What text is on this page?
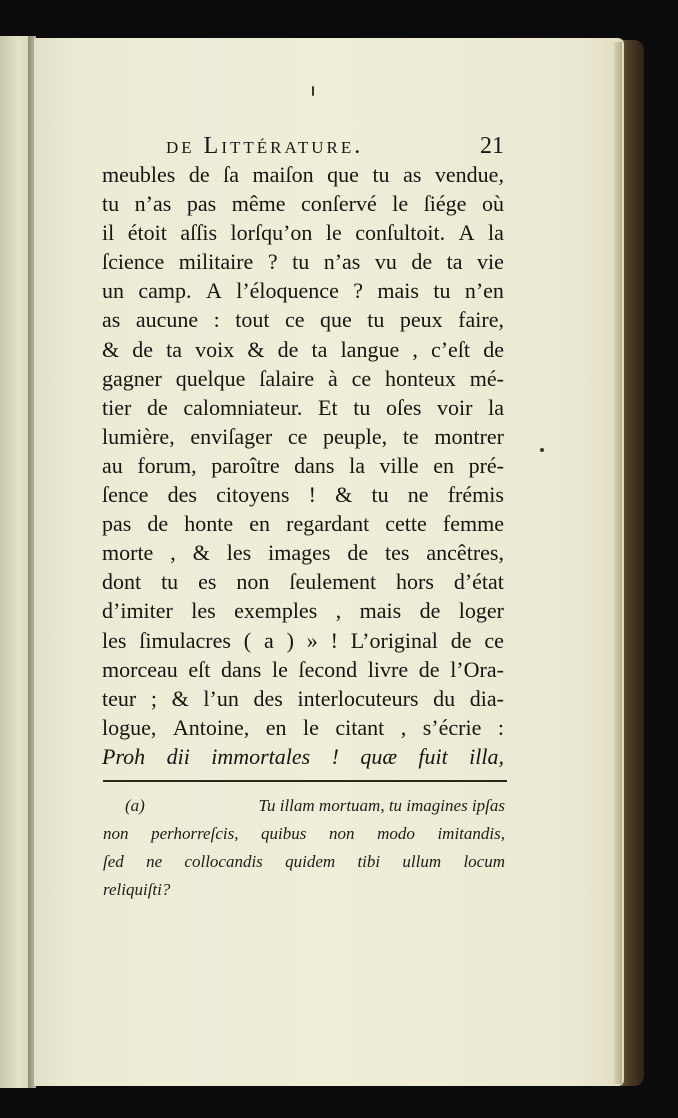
de Littérature.	21
meubles de ſa maiſon que tu as vendue,
tu n’as pas même conſervé le ſiége où
il étoit aſſis lorſqu’on le conſultoit. A la
ſcience militaire ? tu n’as vu de ta vie
un camp. A l’éloquence ? mais tu n’en
as aucune : tout ce que tu peux faire,
& de ta voix & de ta langue , c’eſt de
gagner quelque ſalaire à ce honteux mé-
tier de calomniateur. Et tu oſes voir la
lumière, enviſager ce peuple, te montrer
au forum, paroître dans la ville en pré-
ſence des citoyens ! & tu ne frémis
pas de honte en regardant cette femme
morte , & les images de tes ancêtres,
dont tu es non ſeulement hors d’état
d’imiter les exemples , mais de loger
les ſimulacres ( a ) » ! L’original de ce
morceau eſt dans le ſecond livre de l’Ora-
teur ; & l’un des interlocuteurs du dia-
logue, Antoine, en le citant , s’écrie :
Proh dii immortales ! quæ fuit illa,
(a)	Tu illam mortuam, tu imagines ipſas
non perhorreſcis, quibus non modo imitandis,
ſed ne collocandis quidem tibi ullum locum
reliquiſti ?
